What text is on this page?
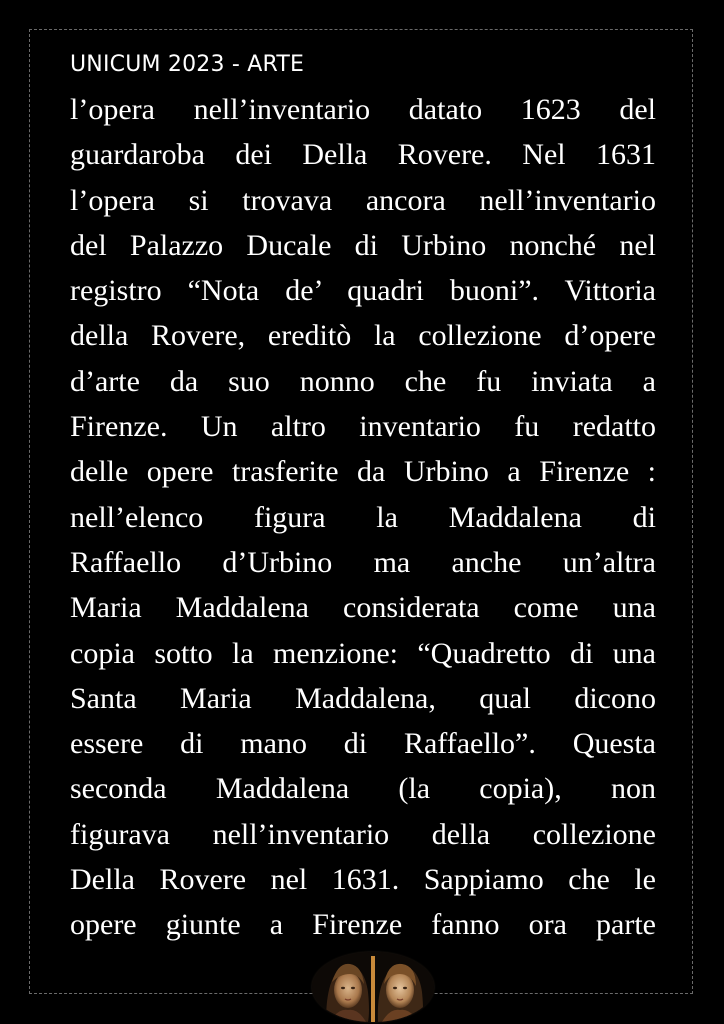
UNICUM 2023 - ARTE
l’opera nell’inventario datato 1623 del
guardaroba dei Della Rovere. Nel 1631
l’opera si trovava ancora nell’inventario
del Palazzo Ducale di Urbino nonché nel
registro “Nota de’ quadri buoni”. Vittoria
della Rovere, ereditò la collezione d’opere
d’arte da suo nonno che fu inviata a
Firenze. Un altro inventario fu redatto
delle opere trasferite da Urbino a Firenze :
nell’elenco figura la Maddalena di
Raffaello d’Urbino ma anche un’altra
Maria Maddalena considerata come una
copia sotto la menzione: “Quadretto di una
Santa Maria Maddalena, qual dicono
essere di mano di Raffaello”. Questa
seconda Maddalena (la copia), non
figurava nell’inventario della collezione
Della Rovere nel 1631. Sappiamo che le
opere giunte a Firenze fanno ora parte
